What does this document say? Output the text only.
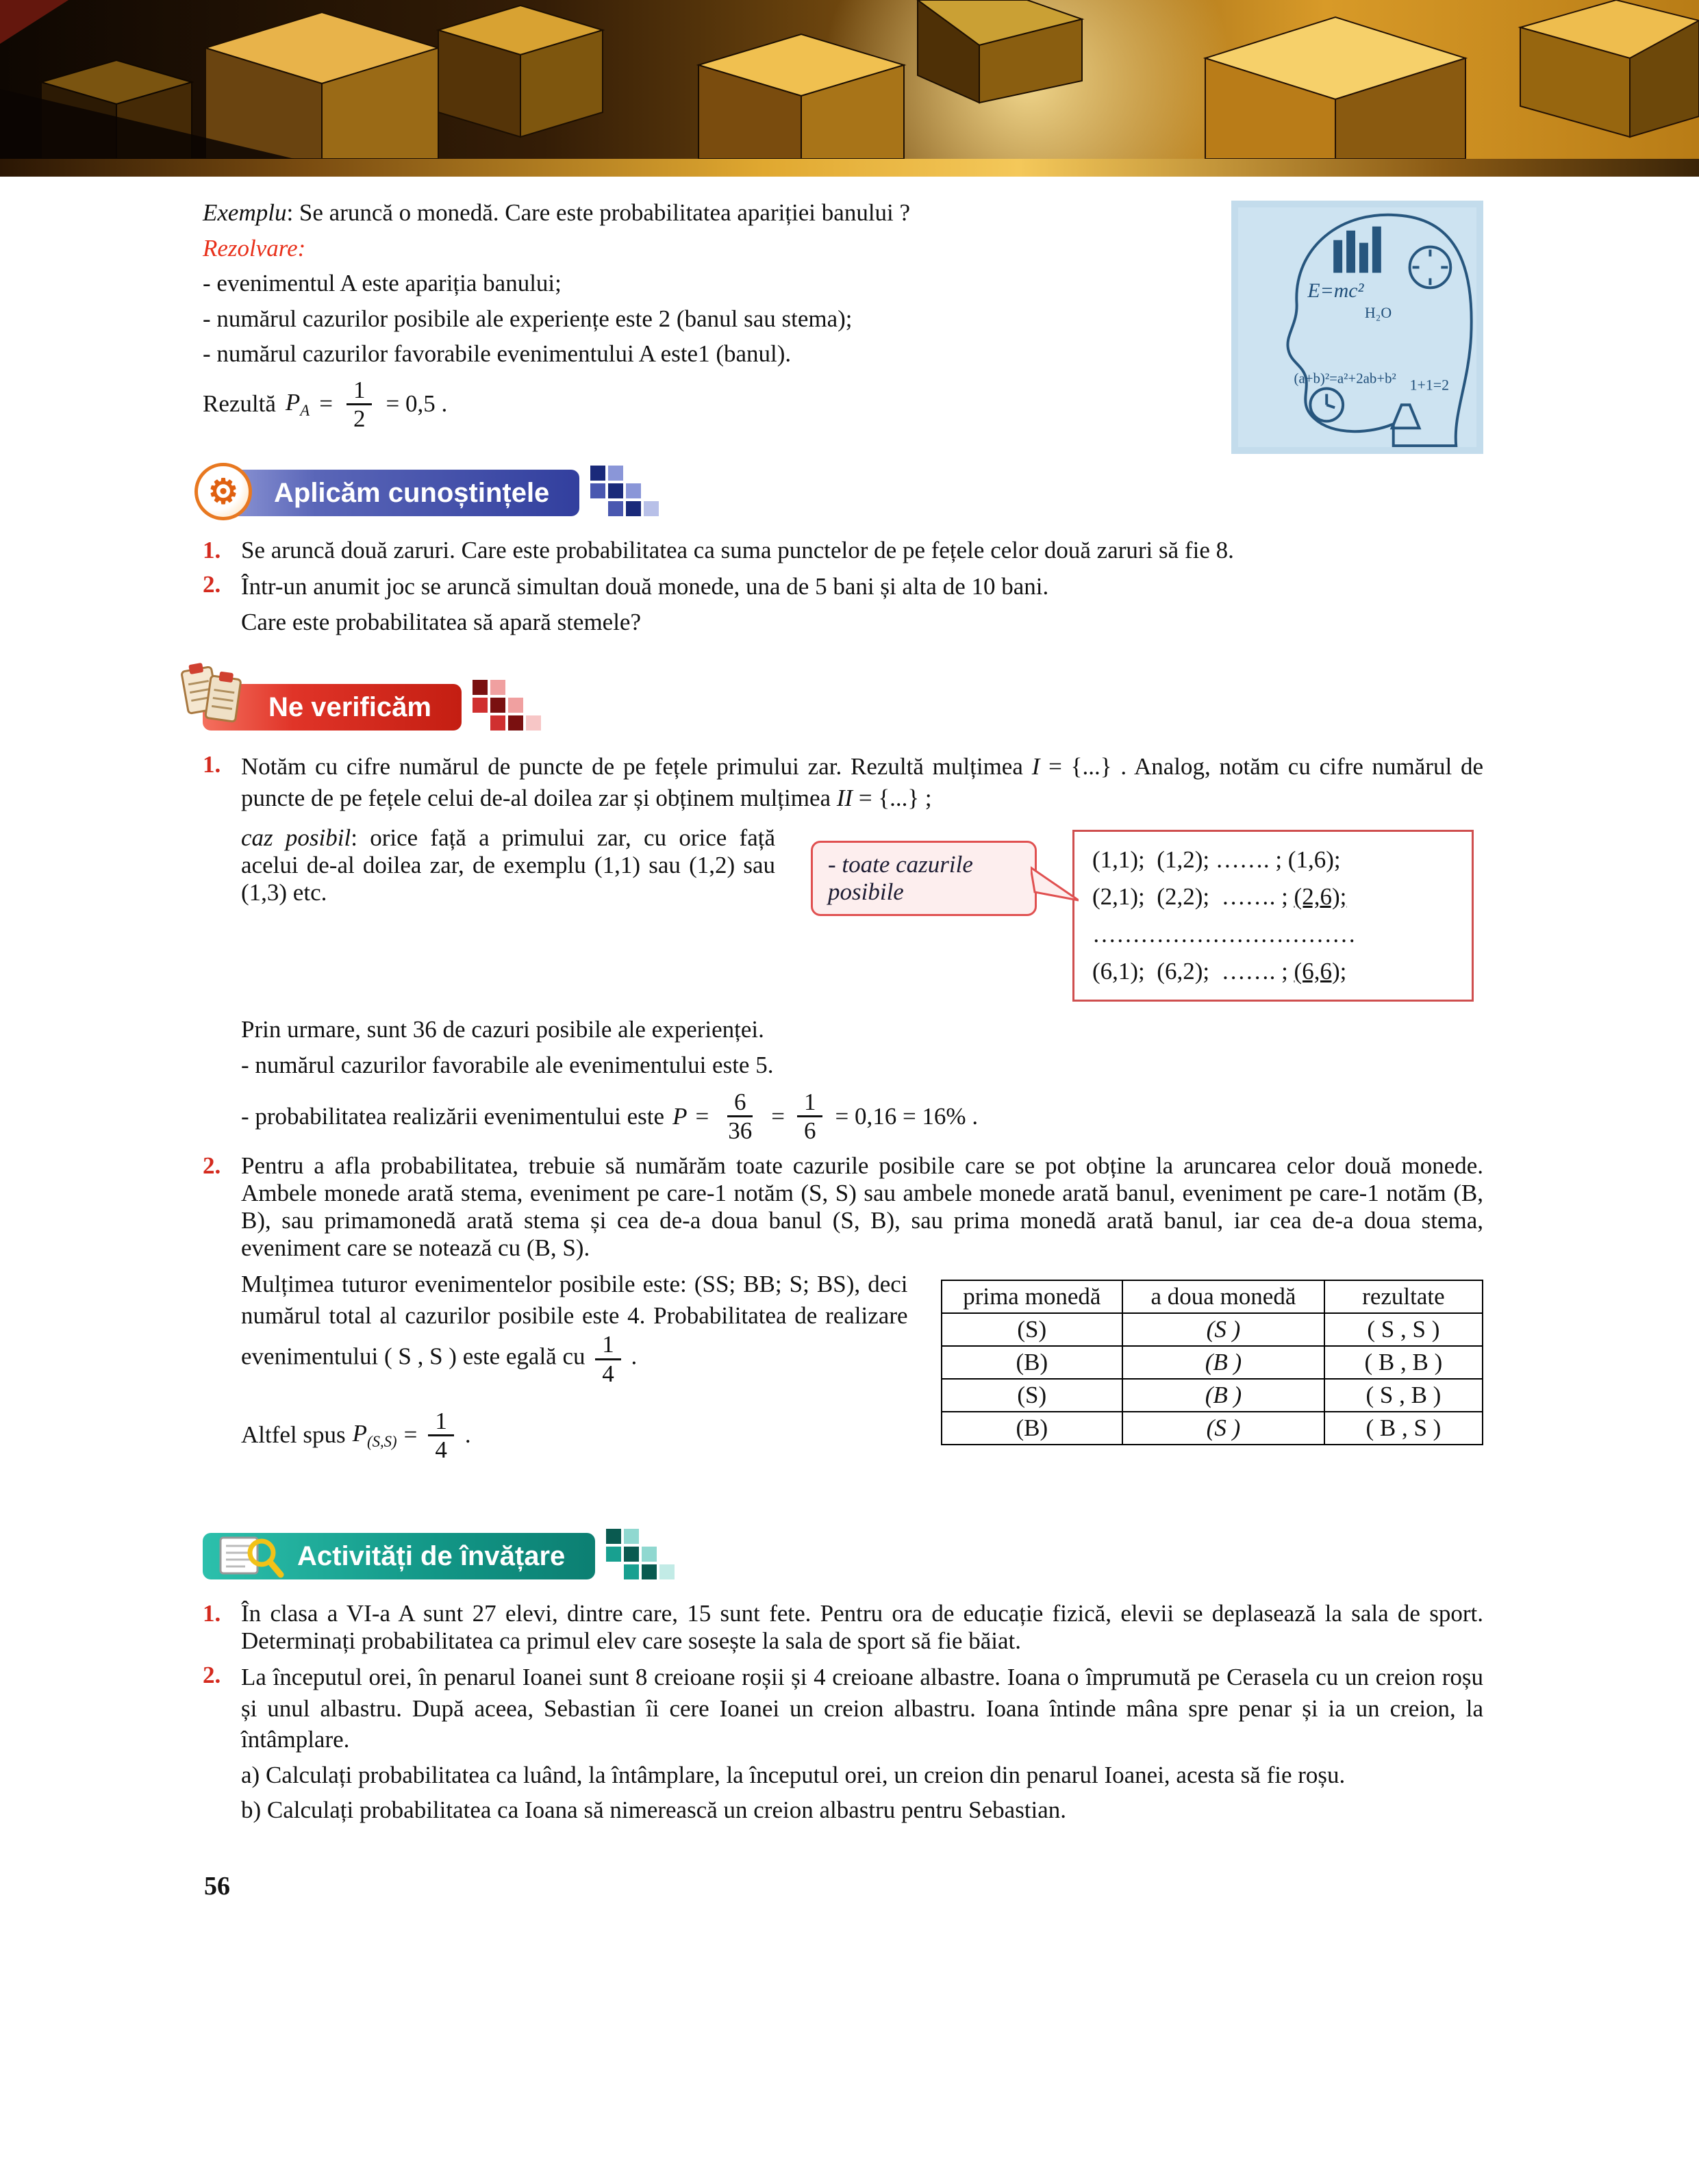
E=mc²
H₂O
(a+b)²=a²+2ab+b² 1+1=2

Exemplu: Se aruncă o monedă. Care este probabilitatea apariției banului ?

Rezolvare:

- evenimentul A este apariția banului;

- numărul cazurilor posibile ale experiențe este 2 (banul sau stema);

- numărul cazurilor favorabile evenimentului A este1 (banul).

Rezultă $P_A = \frac{1}{2} = 0,5$ .
⚙	Aplicăm cunoștințele
1. Se aruncă două zaruri. Care este probabilitatea ca suma punctelor de pe fețele celor două zaruri să fie 8.
2. Într-un anumit joc se aruncă simultan două monede, una de 5 bani și alta de 10 bani.

Care este probabilitatea să apară stemele?

Ne verificăm
1. Notăm cu cifre numărul de puncte de pe fețele primului zar. Rezultă mulțimea I = {...} . Analog, notăm cu cifre numărul de puncte de pe fețele celui de-al doilea zar și obținem mulțimea II = {...} ;

caz posibil: orice față a primului zar, cu orice față acelui de-al doilea zar, de exemplu (1,1) sau (1,2) sau (1,3) etc.
- toate cazurile
posibile
(1,1);  (1,2); ……. ; (1,6);
(2,1);  (2,2);  ……. ; (2,6);
……………………………
(6,1);  (6,2);  ……. ; (6,6);

Prin urmare, sunt 36 de cazuri posibile ale experienței.

- numărul cazurilor favorabile ale evenimentului este 5.

- probabilitatea realizării evenimentului este $P = \frac{6}{36} = \frac{1}{6} = 0,16 = 16\%$ .
2. Pentru a afla probabilitatea, trebuie să numărăm toate cazurile posibile care se pot obține la aruncarea celor două monede. Ambele monede arată stema, eveniment pe care-1 notăm (S, S) sau ambele monede arată banul, eveniment pe care-1 notăm (B, B), sau primamonedă arată stema și cea de-a doua banul (S, B), sau prima monedă arată banul, iar cea de-a doua stema, eveniment care se notează cu (B, S).

Mulțimea tuturor evenimentelor posibile este: (SS; BB; S; BS), deci numărul total al cazurilor posibile este 4. Probabilitatea de realizare evenimentului ( S , S ) este egală cu $\frac{1}{4}$ .

Altfel spus $P_{(S,S)} = \frac{1}{4}$ .
prima monedă	a doua monedă	rezultate
(S)	(S )	( S , S )
(B)	(B )	( B , B )
(S)	(B )	( S , B )
(B)	(S )	( B , S )
Activități de învățare
1. În clasa a VI-a A sunt 27 elevi, dintre care, 15 sunt fete. Pentru ora de educație fizică, elevii se deplasează la sala de sport. Determinați probabilitatea ca primul elev care sosește la sala de sport să fie băiat.
2. La începutul orei, în penarul Ioanei sunt 8 creioane roșii și 4 creioane albastre. Ioana o împrumută pe Cerasela cu un creion roșu și unul albastru. După aceea, Sebastian îi cere Ioanei un creion albastru. Ioana întinde mâna spre penar și ia un creion, la întâmplare.

a) Calculați probabilitatea ca luând, la întâmplare, la începutul orei, un creion din penarul Ioanei, acesta să fie roșu.

b) Calculați probabilitatea ca Ioana să nimerească un creion albastru pentru Sebastian.

56
